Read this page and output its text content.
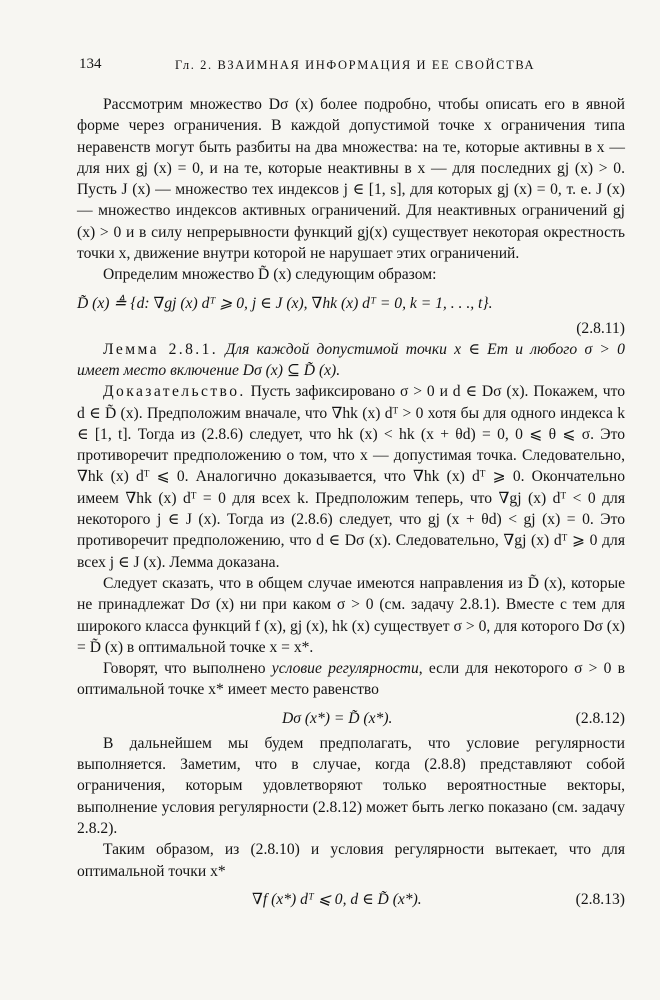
134	Гл. 2. ВЗАИМНАЯ ИНФОРМАЦИЯ И ЕЕ СВОЙСТВА

Рассмотрим множество Dσ (x) более подробно, чтобы описать его в явной форме через ограничения. В каждой допустимой точке x ограничения типа неравенств могут быть разбиты на два множества: на те, которые активны в x — для них gj (x) = 0, и на те, которые неактивны в x — для последних gj (x) > 0. Пусть J (x) — множество тех индексов j ∈ [1, s], для которых gj (x) = 0, т. е. J (x) — множество индексов активных ограничений. Для неактивных ограничений gj (x) > 0 и в силу непрерывности функций gj(x) существует некоторая окрестность точки x, движение внутри которой не нарушает этих ограничений.

Определим множество D̃ (x) следующим образом:

D̃ (x) ≜ {d: ∇gj (x) dᵀ ⩾ 0, j ∈ J (x), ∇hk (x) dᵀ = 0, k = 1, . . ., t}.
(2.8.11)

Лемма 2.8.1. Для каждой допустимой точки x ∈ Em и любого σ > 0 имеет место включение Dσ (x) ⊆ D̃ (x).

Доказательство. Пусть зафиксировано σ > 0 и d ∈ Dσ (x). Покажем, что d ∈ D̃ (x). Предположим вначале, что ∇hk (x) dᵀ > 0 хотя бы для одного индекса k ∈ [1, t]. Тогда из (2.8.6) следует, что hk (x) < hk (x + θd) = 0, 0 ⩽ θ ⩽ σ. Это противоречит предположению о том, что x — допустимая точка. Следовательно, ∇hk (x) dᵀ ⩽ 0. Аналогично доказывается, что ∇hk (x) dᵀ ⩾ 0. Окончательно имеем ∇hk (x) dᵀ = 0 для всех k. Предположим теперь, что ∇gj (x) dᵀ < 0 для некоторого j ∈ J (x). Тогда из (2.8.6) следует, что gj (x + θd) < gj (x) = 0. Это противоречит предположению, что d ∈ Dσ (x). Следовательно, ∇gj (x) dᵀ ⩾ 0 для всех j ∈ J (x). Лемма доказана.

Следует сказать, что в общем случае имеются направления из D̃ (x), которые не принадлежат Dσ (x) ни при каком σ > 0 (см. задачу 2.8.1). Вместе с тем для широкого класса функций f (x), gj (x), hk (x) существует σ > 0, для которого Dσ (x) = D̃ (x) в оптимальной точке x = x*.

Говорят, что выполнено условие регулярности, если для некоторого σ > 0 в оптимальной точке x* имеет место равенство

Dσ (x*) = D̃ (x*).	(2.8.12)

В дальнейшем мы будем предполагать, что условие регулярности выполняется. Заметим, что в случае, когда (2.8.8) представляют собой ограничения, которым удовлетворяют только вероятностные векторы, выполнение условия регулярности (2.8.12) может быть легко показано (см. задачу 2.8.2).

Таким образом, из (2.8.10) и условия регулярности вытекает, что для оптимальной точки x*

∇f (x*) dᵀ ⩽ 0, d ∈ D̃ (x*).	(2.8.13)
